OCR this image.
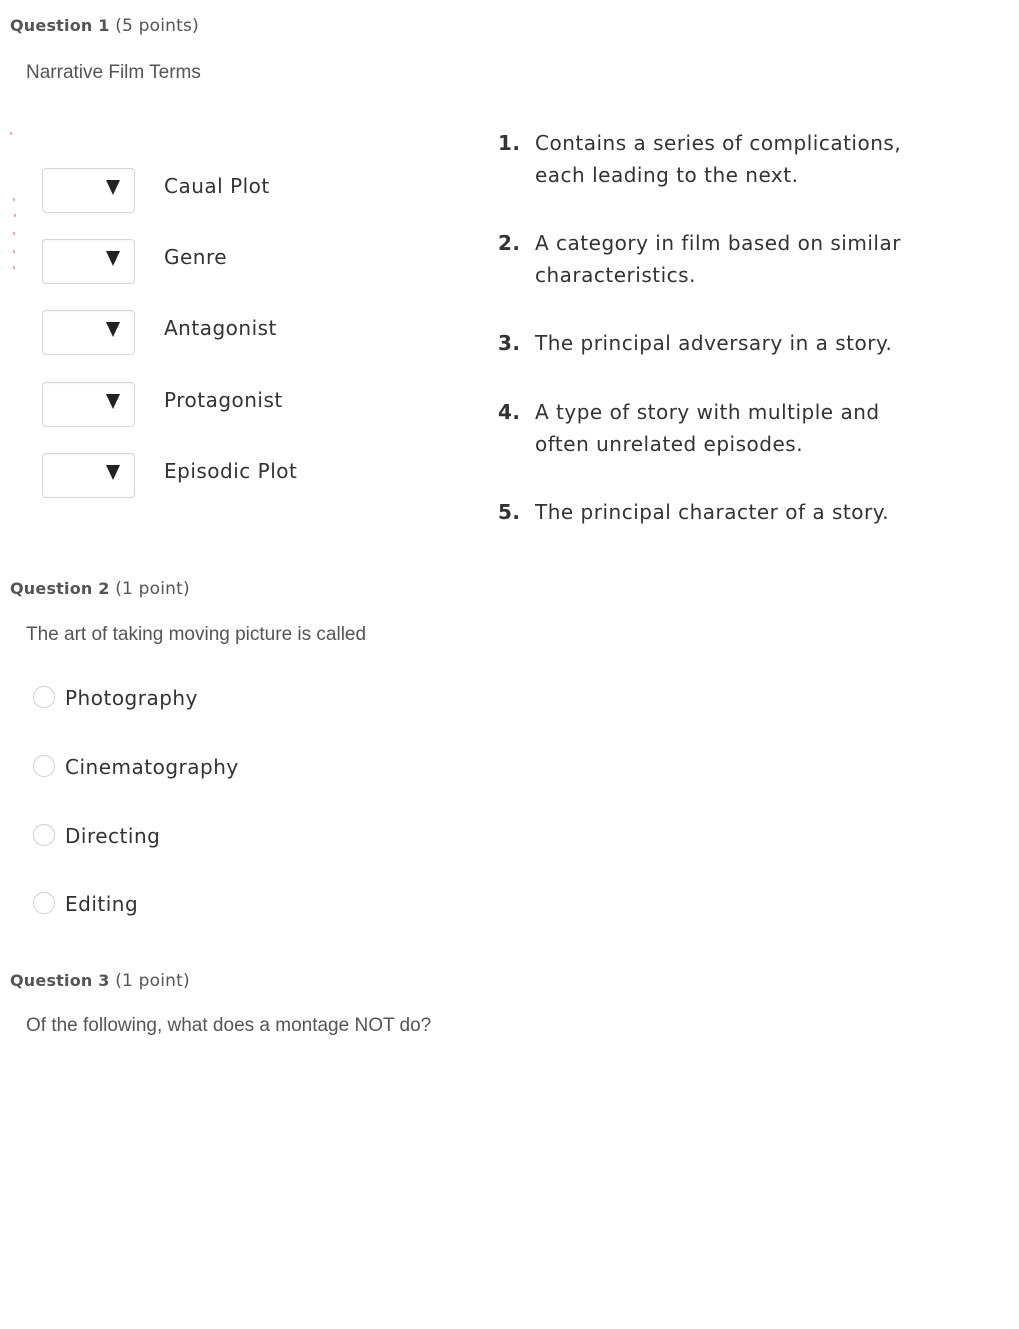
Question 1 (5 points)
Narrative Film Terms
Caual Plot
Genre
Antagonist
Protagonist
Episodic Plot
1. Contains a series of complications, each leading to the next.
2. A category in film based on similar characteristics.
3. The principal adversary in a story.
4. A type of story with multiple and often unrelated episodes.
5. The principal character of a story.
Question 2 (1 point)
The art of taking moving picture is called
Photography
Cinematography
Directing
Editing
Question 3 (1 point)
Of the following, what does a montage NOT do?
